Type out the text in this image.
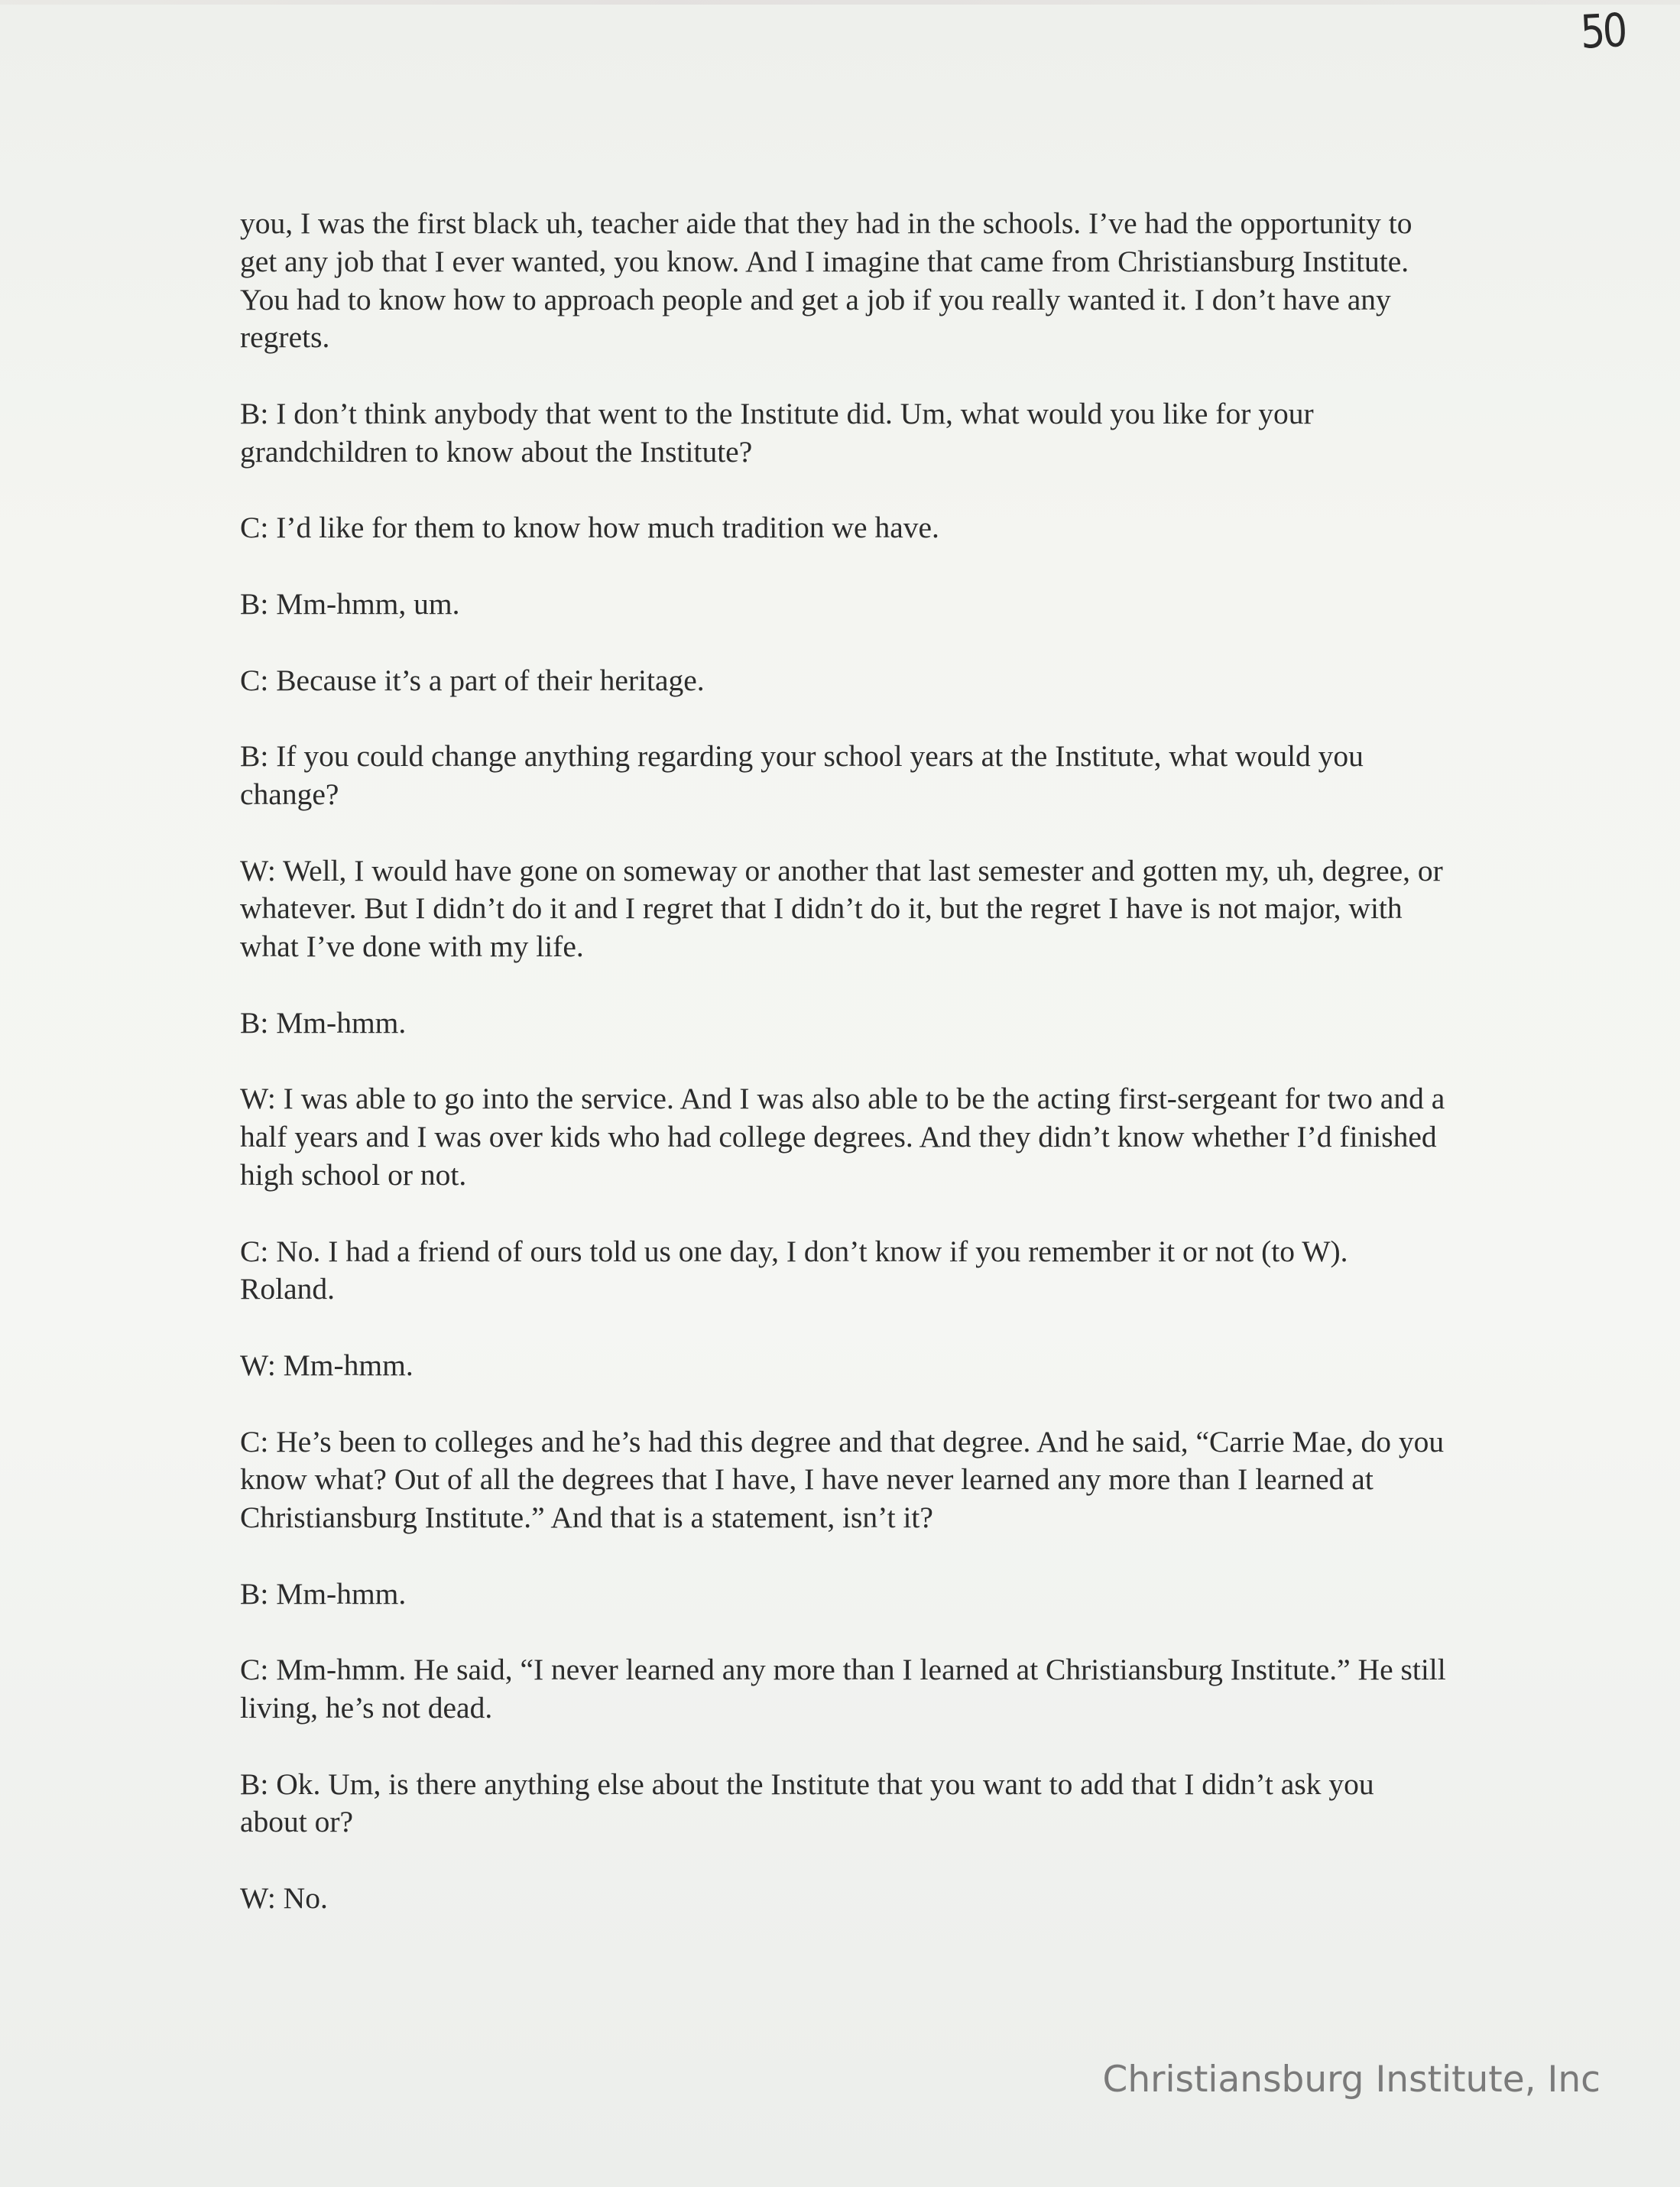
50

you, I was the first black uh, teacher aide that they had in the schools. I’ve had the opportunity to get any job that I ever wanted, you know. And I imagine that came from Christiansburg Institute. You had to know how to approach people and get a job if you really wanted it. I don’t have any regrets.

B: I don’t think anybody that went to the Institute did. Um, what would you like for your grandchildren to know about the Institute?

C: I’d like for them to know how much tradition we have.

B: Mm-hmm, um.

C: Because it’s a part of their heritage.

B: If you could change anything regarding your school years at the Institute, what would you change?

W: Well, I would have gone on someway or another that last semester and gotten my, uh, degree, or whatever. But I didn’t do it and I regret that I didn’t do it, but the regret I have is not major, with what I’ve done with my life.

B: Mm-hmm.

W: I was able to go into the service. And I was also able to be the acting first-sergeant for two and a half years and I was over kids who had college degrees. And they didn’t know whether I’d finished high school or not.

C: No. I had a friend of ours told us one day, I don’t know if you remember it or not (to W). Roland.

W: Mm-hmm.

C: He’s been to colleges and he’s had this degree and that degree. And he said, “Carrie Mae, do you know what? Out of all the degrees that I have, I have never learned any more than I learned at Christiansburg Institute.” And that is a statement, isn’t it?

B: Mm-hmm.

C: Mm-hmm. He said, “I never learned any more than I learned at Christiansburg Institute.” He still living, he’s not dead.

B: Ok. Um, is there anything else about the Institute that you want to add that I didn’t ask you about or?

W: No.

Christiansburg Institute, Inc
